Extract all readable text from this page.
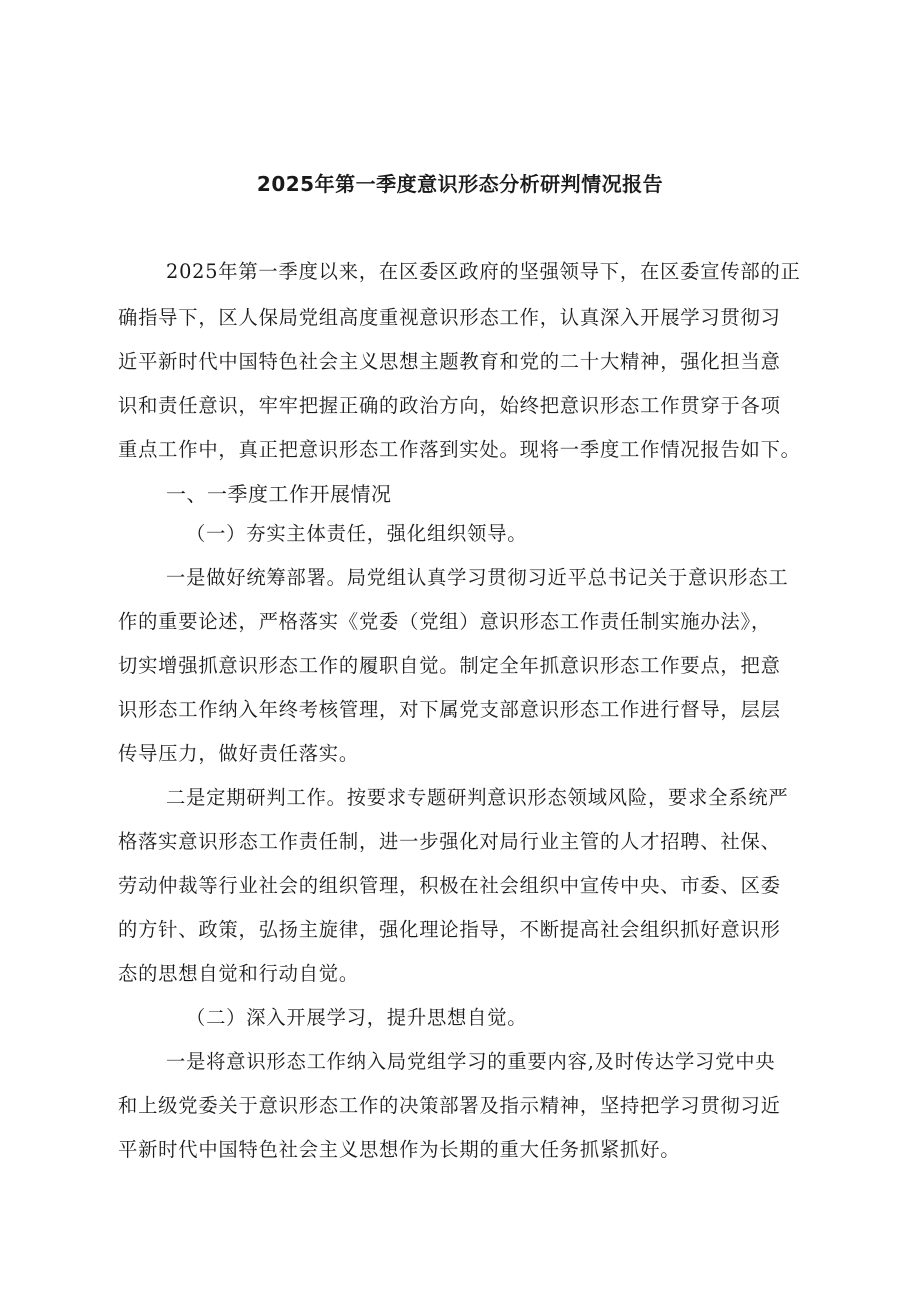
2025年第一季度意识形态分析研判情况报告
2025年第一季度以来，在区委区政府的坚强领导下，在区委宣传部的正
确指导下，区人保局党组高度重视意识形态工作，认真深入开展学习贯彻习
近平新时代中国特色社会主义思想主题教育和党的二十大精神，强化担当意
识和责任意识，牢牢把握正确的政治方向，始终把意识形态工作贯穿于各项
重点工作中，真正把意识形态工作落到实处。现将一季度工作情况报告如下。
一、一季度工作开展情况
（一）夯实主体责任，强化组织领导。
一是做好统筹部署。局党组认真学习贯彻习近平总书记关于意识形态工
作的重要论述，严格落实《党委（党组）意识形态工作责任制实施办法》，
切实增强抓意识形态工作的履职自觉。制定全年抓意识形态工作要点，把意
识形态工作纳入年终考核管理，对下属党支部意识形态工作进行督导，层层
传导压力，做好责任落实。
二是定期研判工作。按要求专题研判意识形态领域风险，要求全系统严
格落实意识形态工作责任制，进一步强化对局行业主管的人才招聘、社保、
劳动仲裁等行业社会的组织管理，积极在社会组织中宣传中央、市委、区委
的方针、政策，弘扬主旋律，强化理论指导，不断提高社会组织抓好意识形
态的思想自觉和行动自觉。
（二）深入开展学习，提升思想自觉。
一是将意识形态工作纳入局党组学习的重要内容,及时传达学习党中央
和上级党委关于意识形态工作的决策部署及指示精神，坚持把学习贯彻习近
平新时代中国特色社会主义思想作为长期的重大任务抓紧抓好。
